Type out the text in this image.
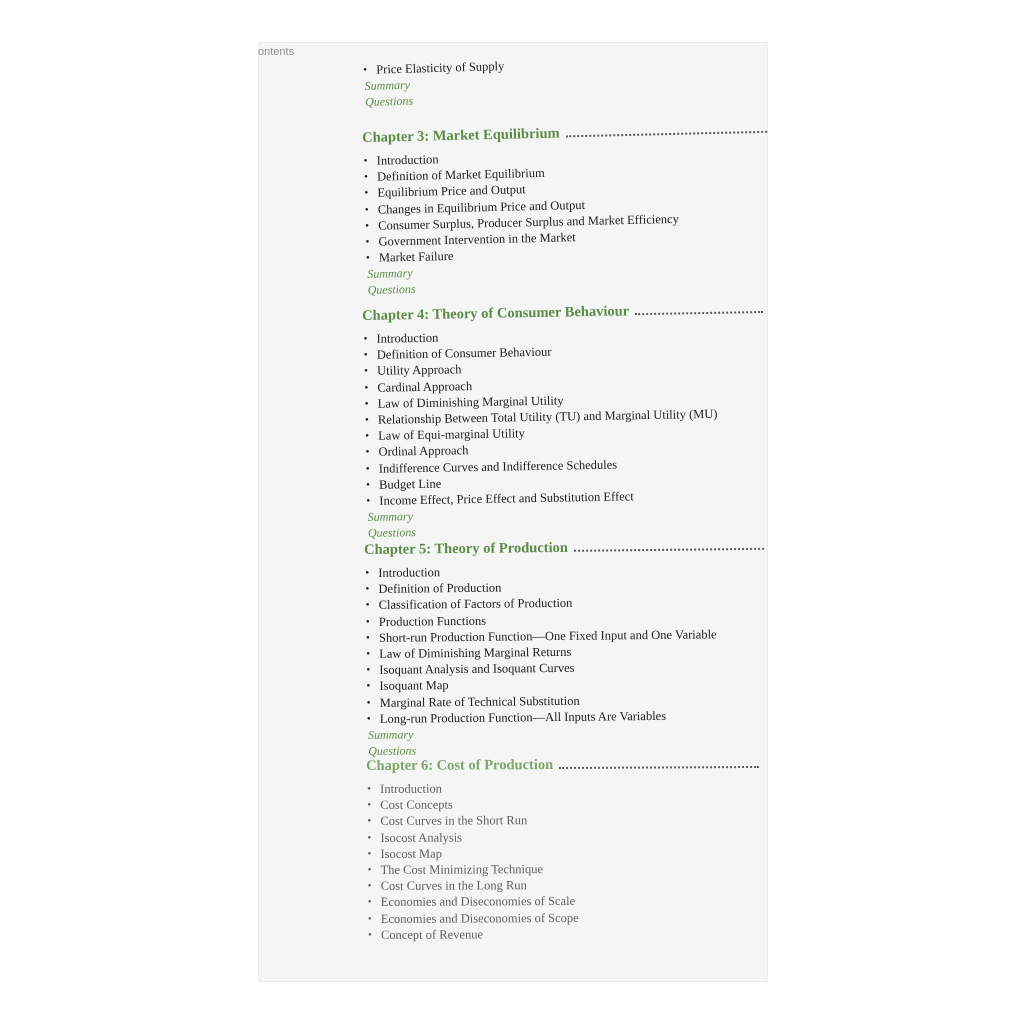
ontents
• Price Elasticity of Supply
Summary
Questions
Chapter 3: Market Equilibrium
• Introduction
• Definition of Market Equilibrium
• Equilibrium Price and Output
• Changes in Equilibrium Price and Output
• Consumer Surplus, Producer Surplus and Market Efficiency
• Government Intervention in the Market
• Market Failure
Summary
Questions
Chapter 4: Theory of Consumer Behaviour
• Introduction
• Definition of Consumer Behaviour
• Utility Approach
• Cardinal Approach
• Law of Diminishing Marginal Utility
• Relationship Between Total Utility (TU) and Marginal Utility (MU)
• Law of Equi-marginal Utility
• Ordinal Approach
• Indifference Curves and Indifference Schedules
• Budget Line
• Income Effect, Price Effect and Substitution Effect
Summary
Questions
Chapter 5: Theory of Production
• Introduction
• Definition of Production
• Classification of Factors of Production
• Production Functions
• Short-run Production Function—One Fixed Input and One Variable
• Law of Diminishing Marginal Returns
• Isoquant Analysis and Isoquant Curves
• Isoquant Map
• Marginal Rate of Technical Substitution
• Long-run Production Function—All Inputs Are Variables
Summary
Questions
Chapter 6: Cost of Production
• Introduction
• Cost Concepts
• Cost Curves in the Short Run
• Isocost Analysis
• Isocost Map
• The Cost Minimizing Technique
• Cost Curves in the Long Run
• Economies and Diseconomies of Scale
• Economies and Diseconomies of Scope
• Concept of Revenue
